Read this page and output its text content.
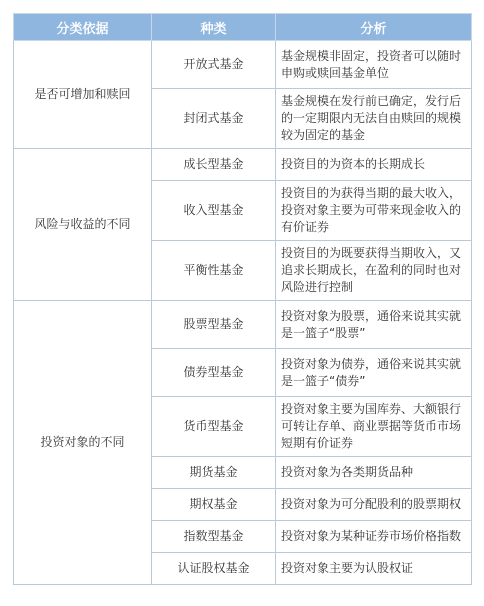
分类依据	种类	分析
是否可增加和赎回	开放式基金	基金规模非固定，投资者可以随时申购或赎回基金单位
	封闭式基金	基金规模在发行前已确定，发行后的一定期限内无法自由赎回的规模较为固定的基金
风险与收益的不同	成长型基金	投资目的为资本的长期成长
	收入型基金	投资目的为获得当期的最大收入，投资对象主要为可带来现金收入的有价证券
	平衡性基金	投资目的为既要获得当期收入，又追求长期成长，在盈利的同时也对风险进行控制
投资对象的不同	股票型基金	投资对象为股票，通俗来说其实就是一篮子“股票”
	债券型基金	投资对象为债券，通俗来说其实就是一篮子“债券”
	货币型基金	投资对象主要为国库券、大额银行可转让存单、商业票据等货币市场短期有价证券
	期货基金	投资对象为各类期货品种
	期权基金	投资对象为可分配股利的股票期权
	指数型基金	投资对象为某种证券市场价格指数
	认证股权基金	投资对象主要为认股权证
